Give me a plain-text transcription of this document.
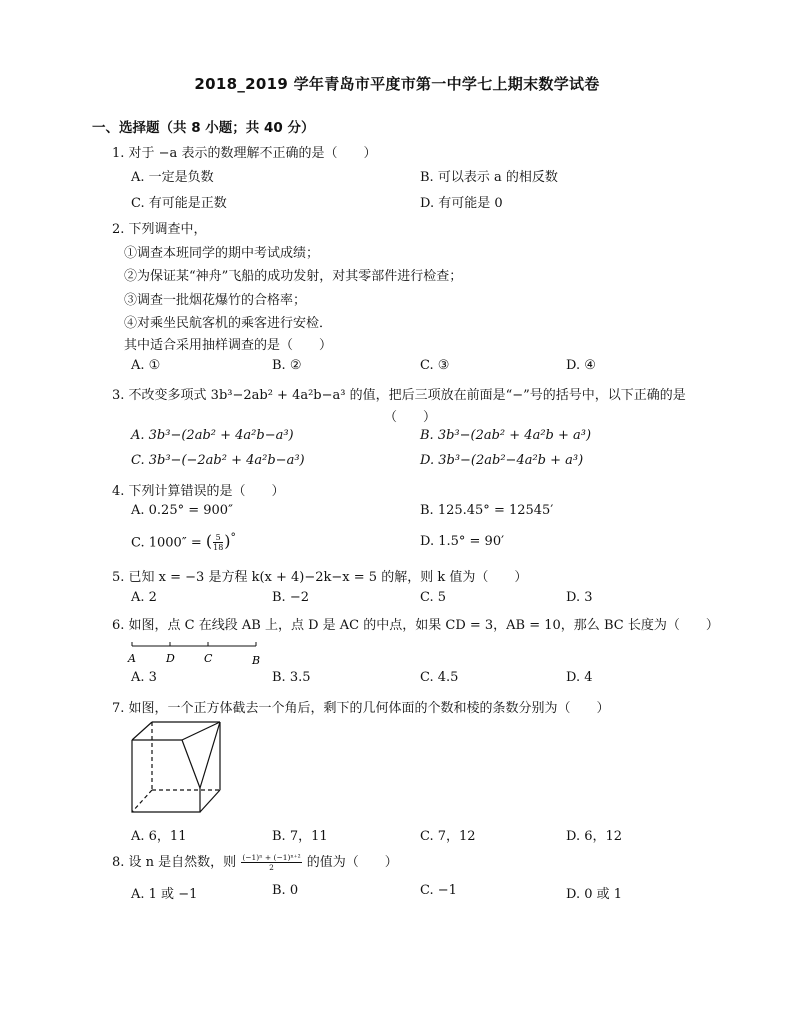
2018_2019 学年青岛市平度市第一中学七上期末数学试卷
一、选择题（共 8 小题；共 40 分）
1. 对于 −a 表示的数理解不正确的是（　　）
A. 一定是负数	B. 可以表示 a 的相反数
C. 有可能是正数	D. 有可能是 0
2. 下列调查中，
①调查本班同学的期中考试成绩；
②为保证某“神舟”飞船的成功发射，对其零部件进行检查；
③调查一批烟花爆竹的合格率；
④对乘坐民航客机的乘客进行安检．
其中适合采用抽样调查的是（　　）
A. ①	B. ②	C. ③	D. ④
3. 不改变多项式 3b³−2ab² + 4a²b−a³ 的值，把后三项放在前面是“−”号的括号中，以下正确的是
（　　）
A. 3b³−(2ab² + 4a²b−a³)	B. 3b³−(2ab² + 4a²b + a³)
C. 3b³−(−2ab² + 4a²b−a³)	D. 3b³−(2ab²−4a²b + a³)
4. 下列计算错误的是（　　）
A. 0.25° = 900″	B. 125.45° = 12545′
C. 1000″ = ( $\frac{5}{18} )^\circ$	D. 1.5° = 90′
5. 已知 x = −3 是方程 k(x + 4)−2k−x = 5 的解，则 k 值为（　　）
A. 2	B. −2	C. 5	D. 3
6. 如图，点 C 在线段 AB 上，点 D 是 AC 的中点，如果 CD = 3，AB = 10，那么 BC 长度为（　　）
A	D	C	B
A. 3	B. 3.5	C. 4.5	D. 4
7. 如图，一个正方体截去一个角后，剩下的几何体面的个数和棱的条数分别为（　　）
A. 6，11	B. 7，11	C. 7，12	D. 6，12
8. 设 n 是自然数，则 $\frac{\text{(−1)ⁿ + (−1)ⁿ⁺²}}{2}$ 的值为（　　）
A. 1 或 −1	B. 0	C. −1	D. 0 或 1
